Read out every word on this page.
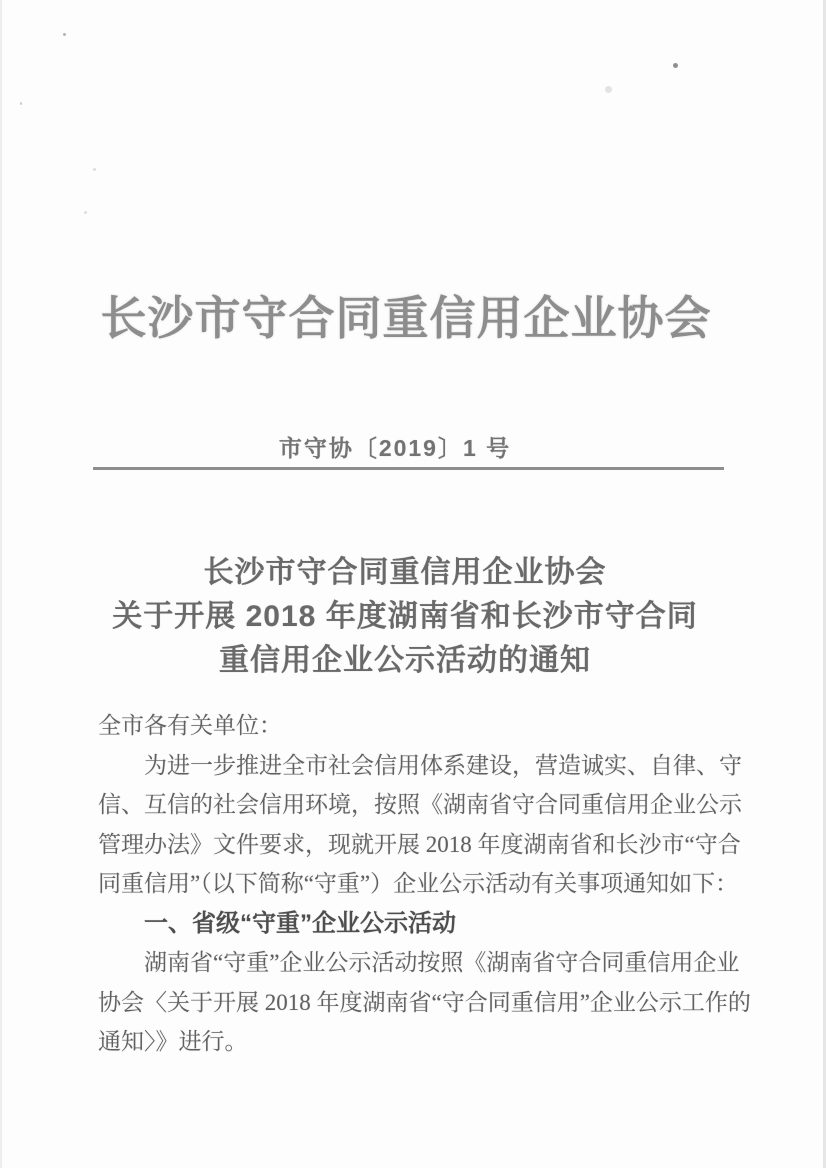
长沙市守合同重信用企业协会
市守协〔2019〕1 号
长沙市守合同重信用企业协会
关于开展 2018 年度湖南省和长沙市守合同
重信用企业公示活动的通知
全市各有关单位：
为进一步推进全市社会信用体系建设，营造诚实、自律、守
信、互信的社会信用环境，按照《湖南省守合同重信用企业公示
管理办法》文件要求，现就开展 2018 年度湖南省和长沙市“守合
同重信用”（以下简称“守重”）企业公示活动有关事项通知如下：
一、省级“守重”企业公示活动
湖南省“守重”企业公示活动按照《湖南省守合同重信用企业
协会〈关于开展 2018 年度湖南省“守合同重信用”企业公示工作的
通知〉》进行。
